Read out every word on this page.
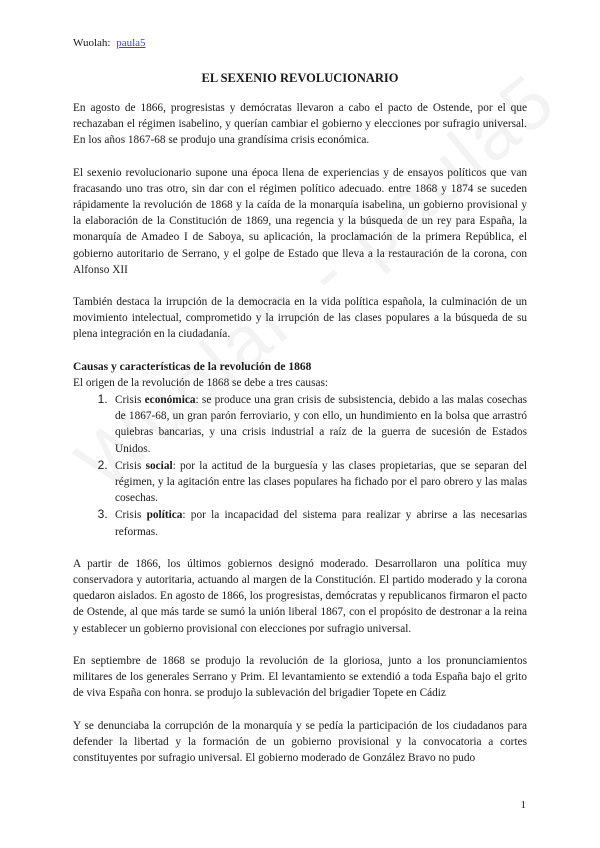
Wuolah: paula5
EL SEXENIO REVOLUCIONARIO

En agosto de 1866, progresistas y demócratas llevaron a cabo el pacto de Ostende, por el que rechazaban el régimen isabelino, y querían cambiar el gobierno y elecciones por sufragio universal. En los años 1867-68 se produjo una grandísima crisis económica.

El sexenio revolucionario supone una época llena de experiencias y de ensayos políticos que van fracasando uno tras otro, sin dar con el régimen político adecuado. entre 1868 y 1874 se suceden rápidamente la revolución de 1868 y la caída de la monarquía isabelina, un gobierno provisional y la elaboración de la Constitución de 1869, una regencia y la búsqueda de un rey para España, la monarquía de Amadeo I de Saboya, su aplicación, la proclamación de la primera República, el gobierno autoritario de Serrano, y el golpe de Estado que lleva a la restauración de la corona, con Alfonso XII

También destaca la irrupción de la democracia en la vida política española, la culminación de un movimiento intelectual, comprometido y la irrupción de las clases populares a la búsqueda de su plena integración en la ciudadanía.

Causas y características de la revolución de 1868

El origen de la revolución de 1868 se debe a tres causas:

1. Crisis económica: se produce una gran crisis de subsistencia, debido a las malas cosechas de 1867-68, un gran parón ferroviario, y con ello, un hundimiento en la bolsa que arrastró quiebras bancarias, y una crisis industrial a raíz de la guerra de sucesión de Estados Unidos.
2. Crisis social: por la actitud de la burguesía y las clases propietarias, que se separan del régimen, y la agitación entre las clases populares ha fichado por el paro obrero y las malas cosechas.
3. Crisis política: por la incapacidad del sistema para realizar y abrirse a las necesarias reformas.

A partir de 1866, los últimos gobiernos designó moderado. Desarrollaron una política muy conservadora y autoritaria, actuando al margen de la Constitución. El partido moderado y la corona quedaron aislados. En agosto de 1866, los progresistas, demócratas y republicanos firmaron el pacto de Ostende, al que más tarde se sumó la unión liberal 1867, con el propósito de destronar a la reina y establecer un gobierno provisional con elecciones por sufragio universal.

En septiembre de 1868 se produjo la revolución de la gloriosa, junto a los pronunciamientos militares de los generales Serrano y Prim. El levantamiento se extendió a toda España bajo el grito de viva España con honra. se produjo la sublevación del brigadier Topete en Cádiz

Y se denunciaba la corrupción de la monarquía y se pedía la participación de los ciudadanos para defender la libertad y la formación de un gobierno provisional y la convocatoria a cortes constituyentes por sufragio universal. El gobierno moderado de González Bravo no pudo

1
